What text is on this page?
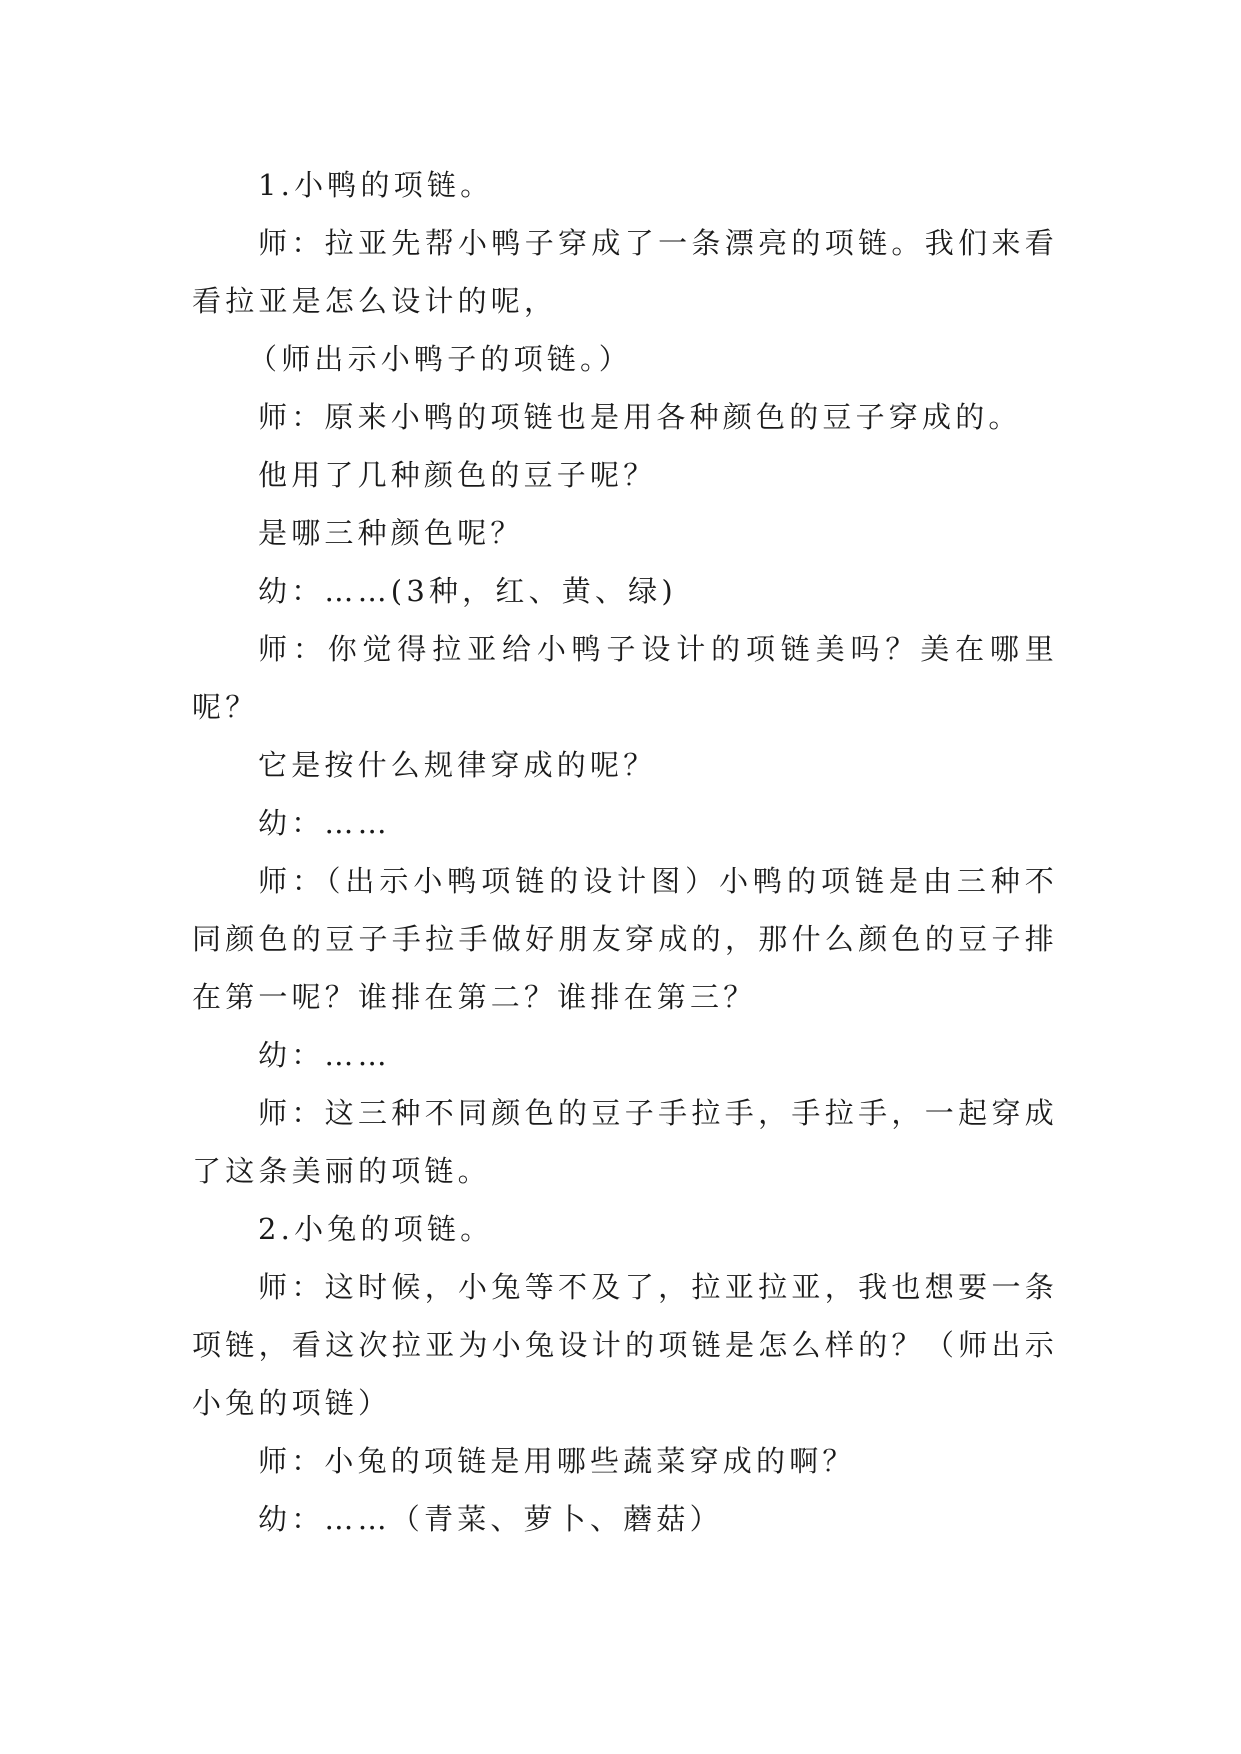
1.小鸭的项链。

师：拉亚先帮小鸭子穿成了一条漂亮的项链。我们来看看拉亚是怎么设计的呢，

（师出示小鸭子的项链。）

师：原来小鸭的项链也是用各种颜色的豆子穿成的。

他用了几种颜色的豆子呢？

是哪三种颜色呢？

幼：……(3种，红、黄、绿)

师：你觉得拉亚给小鸭子设计的项链美吗？美在哪里呢？

它是按什么规律穿成的呢？

幼：……

师：（出示小鸭项链的设计图）小鸭的项链是由三种不同颜色的豆子手拉手做好朋友穿成的，那什么颜色的豆子排在第一呢？谁排在第二？谁排在第三？

幼：……

师：这三种不同颜色的豆子手拉手，手拉手，一起穿成了这条美丽的项链。

2.小兔的项链。

师：这时候，小兔等不及了，拉亚拉亚，我也想要一条项链，看这次拉亚为小兔设计的项链是怎么样的？（师出示小兔的项链）

师：小兔的项链是用哪些蔬菜穿成的啊？

幼：……（青菜、萝卜、蘑菇）
